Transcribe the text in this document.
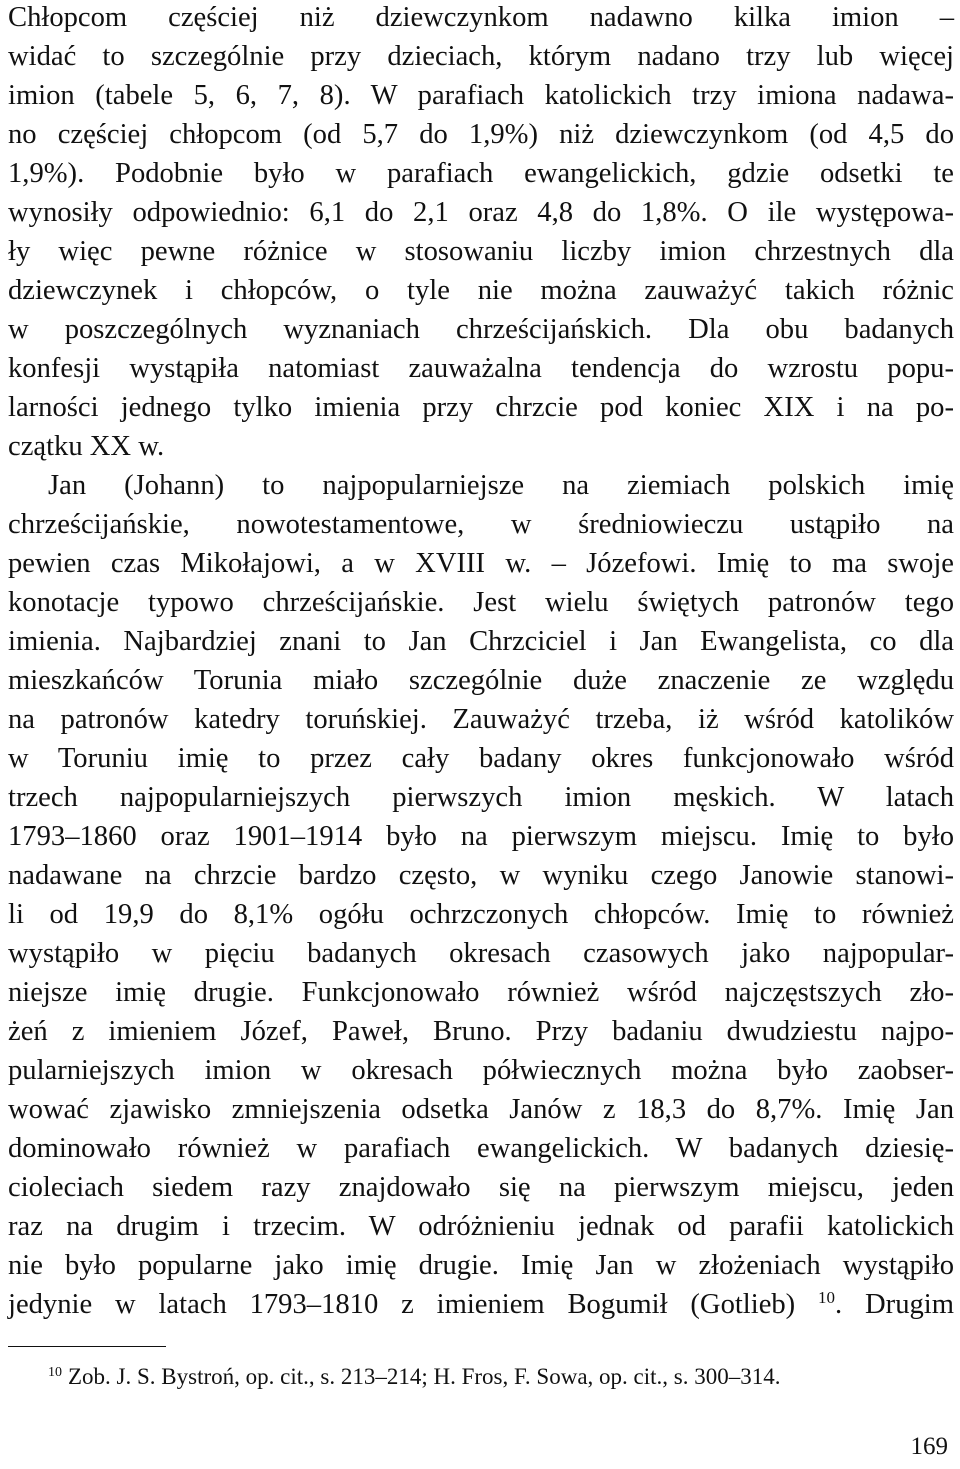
Chłopcom częściej niż dziewczynkom nadawno kilka imion –
widać to szczególnie przy dzieciach, którym nadano trzy lub więcej
imion (tabele 5, 6, 7, 8). W parafiach katolickich trzy imiona nadawa-
no częściej chłopcom (od 5,7 do 1,9%) niż dziewczynkom (od 4,5 do
1,9%). Podobnie było w parafiach ewangelickich, gdzie odsetki te
wynosiły odpowiednio: 6,1 do 2,1 oraz 4,8 do 1,8%. O ile występowa-
ły więc pewne różnice w stosowaniu liczby imion chrzestnych dla
dziewczynek i chłopców, o tyle nie można zauważyć takich różnic
w poszczególnych wyznaniach chrześcijańskich. Dla obu badanych
konfesji wystąpiła natomiast zauważalna tendencja do wzrostu popu-
larności jednego tylko imienia przy chrzcie pod koniec XIX i na po-
czątku XX w.
Jan (Johann) to najpopularniejsze na ziemiach polskich imię
chrześcijańskie, nowotestamentowe, w średniowieczu ustąpiło na
pewien czas Mikołajowi, a w XVIII w. – Józefowi. Imię to ma swoje
konotacje typowo chrześcijańskie. Jest wielu świętych patronów tego
imienia. Najbardziej znani to Jan Chrzciciel i Jan Ewangelista, co dla
mieszkańców Torunia miało szczególnie duże znaczenie ze względu
na patronów katedry toruńskiej. Zauważyć trzeba, iż wśród katolików
w Toruniu imię to przez cały badany okres funkcjonowało wśród
trzech najpopularniejszych pierwszych imion męskich. W latach
1793–1860 oraz 1901–1914 było na pierwszym miejscu. Imię to było
nadawane na chrzcie bardzo często, w wyniku czego Janowie stanowi-
li od 19,9 do 8,1% ogółu ochrzczonych chłopców. Imię to również
wystąpiło w pięciu badanych okresach czasowych jako najpopular-
niejsze imię drugie. Funkcjonowało również wśród najczęstszych zło-
żeń z imieniem Józef, Paweł, Bruno. Przy badaniu dwudziestu najpo-
pularniejszych imion w okresach półwiecznych można było zaobser-
wować zjawisko zmniejszenia odsetka Janów z 18,3 do 8,7%. Imię Jan
dominowało również w parafiach ewangelickich. W badanych dziesię-
cioleciach siedem razy znajdowało się na pierwszym miejscu, jeden
raz na drugim i trzecim. W odróżnieniu jednak od parafii katolickich
nie było popularne jako imię drugie. Imię Jan w złożeniach wystąpiło
jedynie w latach 1793–1810 z imieniem Bogumił (Gotlieb) $^{10}$. Drugim
$^{10}$ Zob. J. S. Bystroń, op. cit., s. 213–214; H. Fros, F. Sowa, op. cit., s. 300–314.
169
